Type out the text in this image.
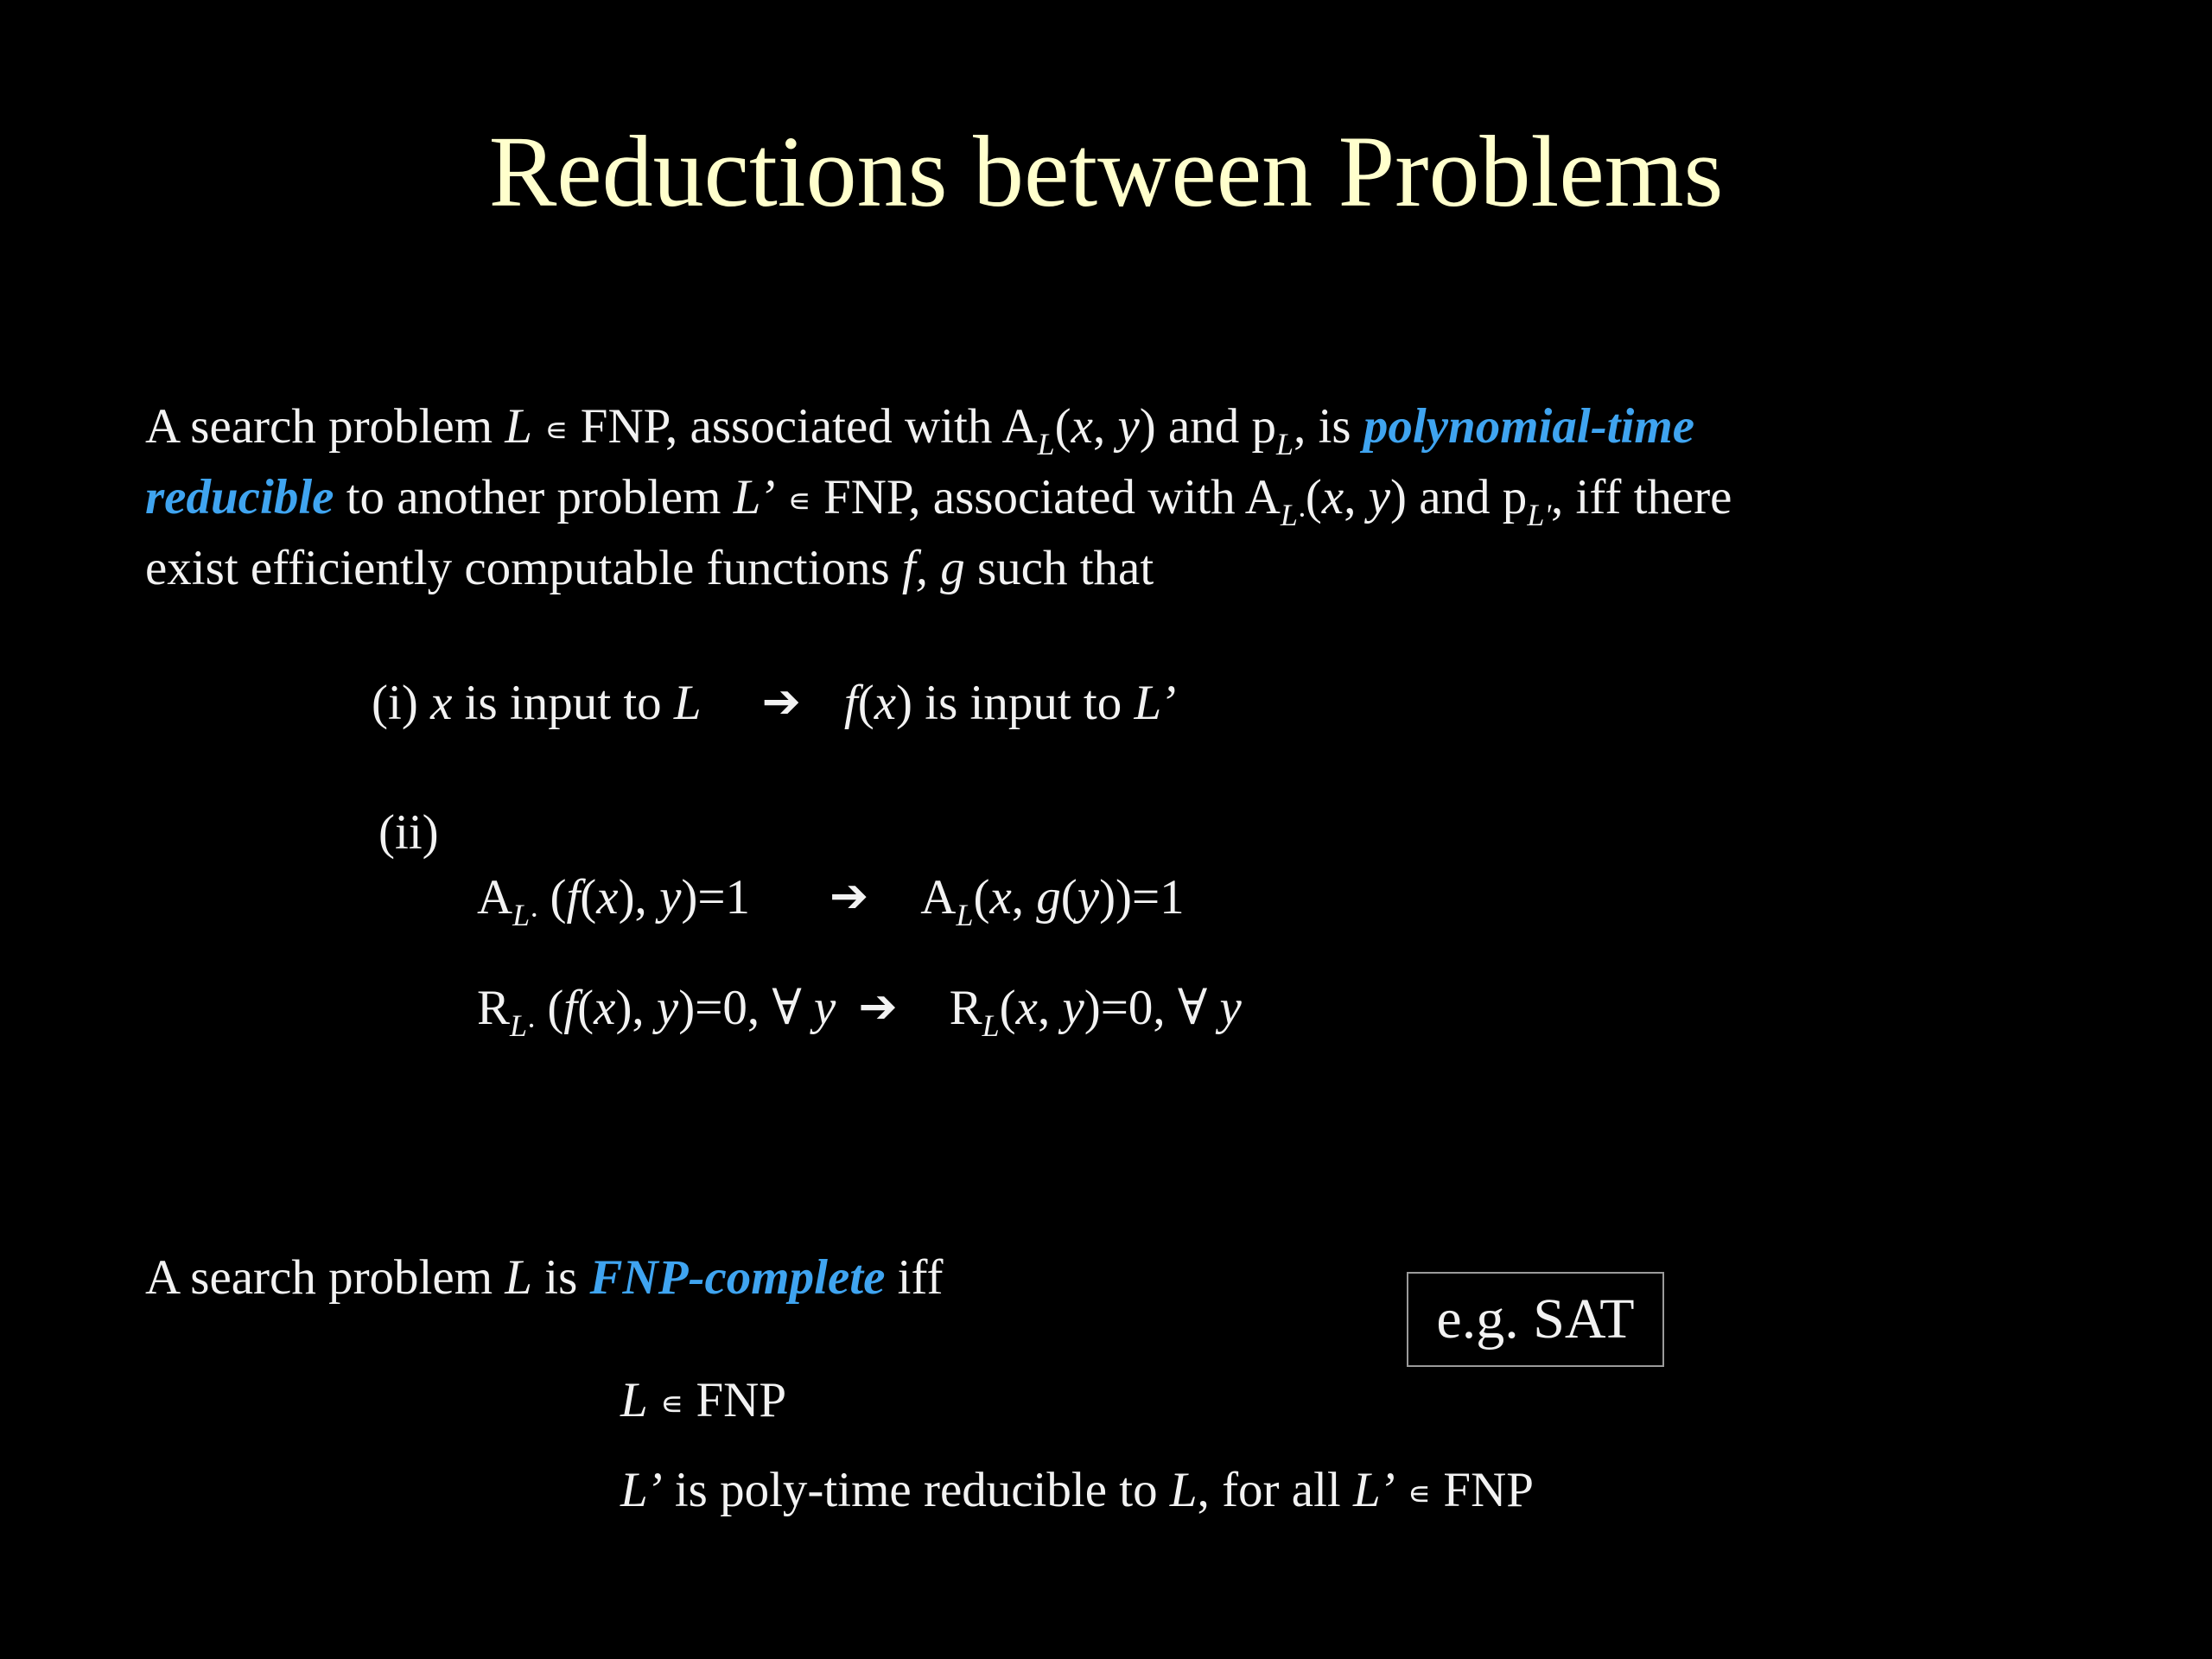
Reductions between Problems
A search problem L ∊ FNP, associated with $A_L(x$, y) and $p_L$, is polynomial-time
reducible to another problem L’ ∊ FNP, associated with $A_{L\cdot}(x$, y) and $p_{L'}$, iff there
exist efficiently computable functions f, g such that
(i) x is input to L ➔ f(x) is input to L’
(ii)
$A_{L\cdot}$ (f(x), y)=1 ➔ $A_L(x$, g(y))=1
$R_{L\cdot}$ (f(x), y)=0, ∀ y ➔ $R_L(x$, y)=0, ∀ y
A search problem L is FNP-complete iff
L ∊ FNP
L’ is poly-time reducible to L, for all L’ ∊ FNP
e.g. SAT
